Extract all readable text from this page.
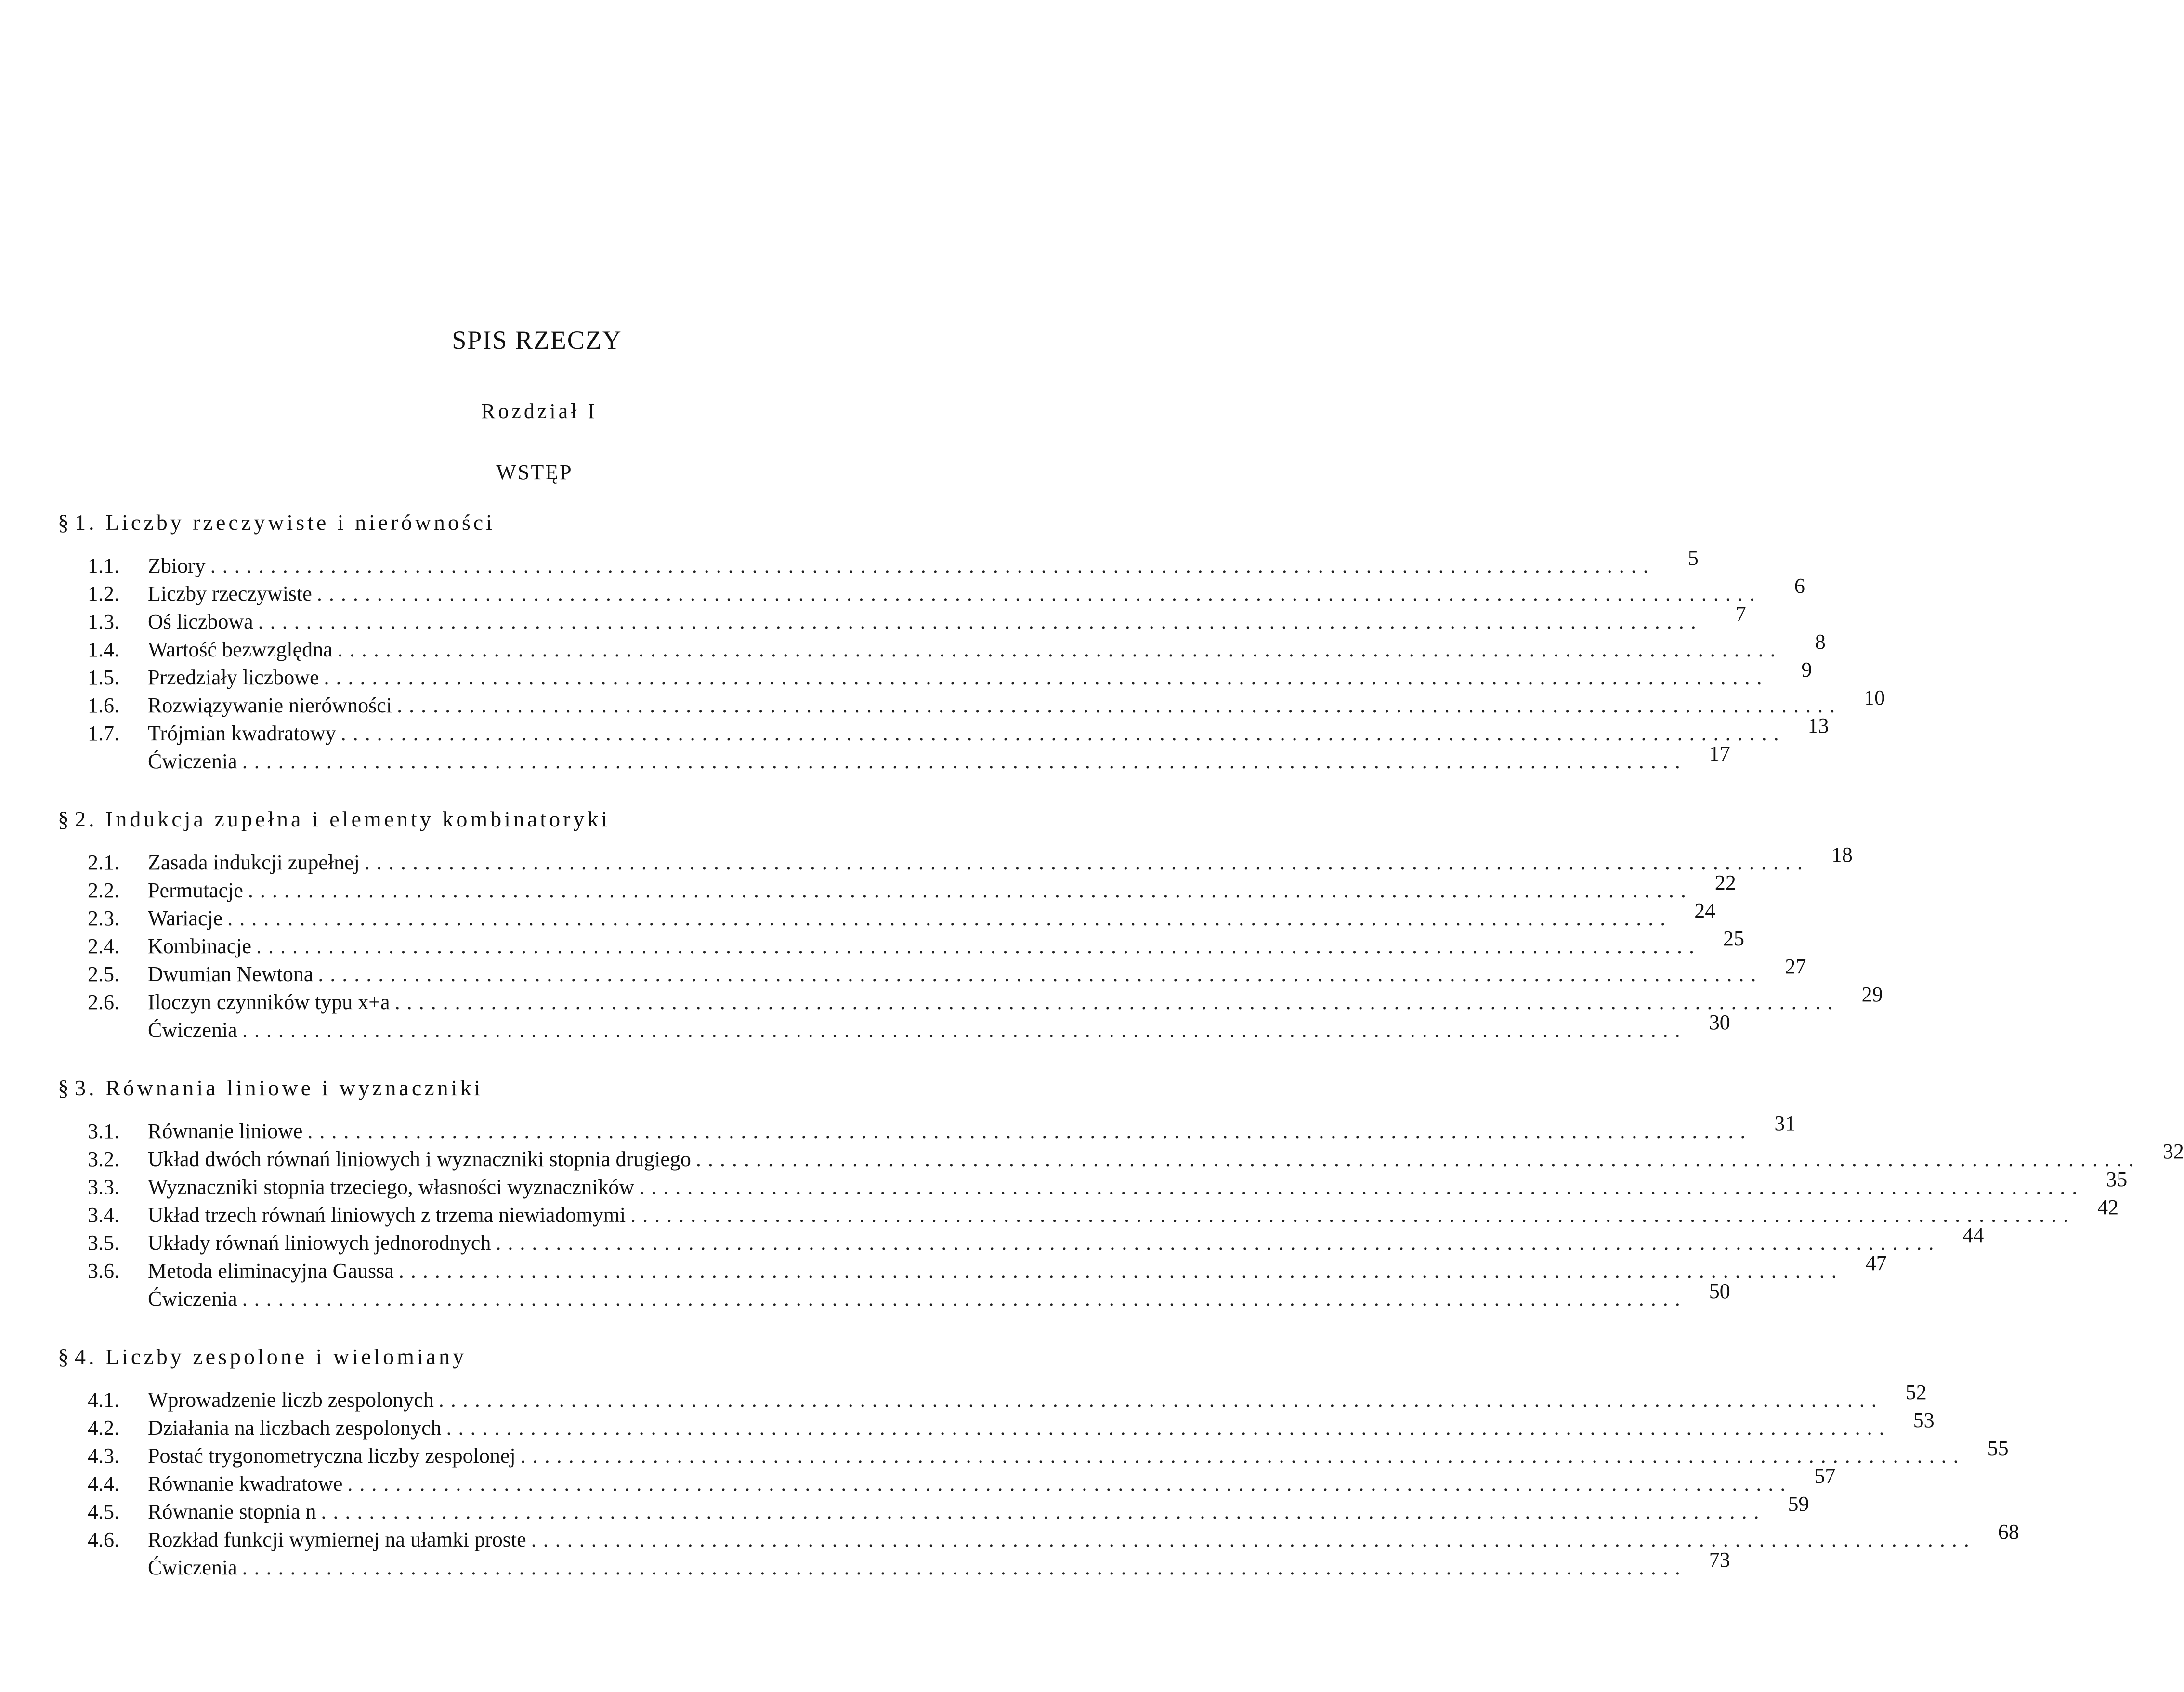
SPIS RZECZY
Rozdział I
WSTĘP
§ 1. Liczby rzeczywiste i nierówności
1.1.	Zbiory ........................................................................................................................	5
1.2.	Liczby rzeczywiste ........................................................................................................................	6
1.3.	Oś liczbowa ........................................................................................................................	7
1.4.	Wartość bezwzględna ........................................................................................................................	8
1.5.	Przedziały liczbowe ........................................................................................................................	9
1.6.	Rozwiązywanie nierówności ........................................................................................................................	10
1.7.	Trójmian kwadratowy ........................................................................................................................	13
Ćwiczenia ........................................................................................................................	17
§ 2. Indukcja zupełna i elementy kombinatoryki
2.1.	Zasada indukcji zupełnej ........................................................................................................................	18
2.2.	Permutacje ........................................................................................................................	22
2.3.	Wariacje ........................................................................................................................	24
2.4.	Kombinacje ........................................................................................................................	25
2.5.	Dwumian Newtona ........................................................................................................................	27
2.6.	Iloczyn czynników typu x+a ........................................................................................................................	29
Ćwiczenia ........................................................................................................................	30
§ 3. Równania liniowe i wyznaczniki
3.1.	Równanie liniowe ........................................................................................................................	31
3.2.	Układ dwóch równań liniowych i wyznaczniki stopnia drugiego ........................................................................................................................	32
3.3.	Wyznaczniki stopnia trzeciego, własności wyznaczników ........................................................................................................................	35
3.4.	Układ trzech równań liniowych z trzema niewiadomymi ........................................................................................................................	42
3.5.	Układy równań liniowych jednorodnych ........................................................................................................................	44
3.6.	Metoda eliminacyjna Gaussa ........................................................................................................................	47
Ćwiczenia ........................................................................................................................	50
§ 4. Liczby zespolone i wielomiany
4.1.	Wprowadzenie liczb zespolonych ........................................................................................................................	52
4.2.	Działania na liczbach zespolonych ........................................................................................................................	53
4.3.	Postać trygonometryczna liczby zespolonej ........................................................................................................................	55
4.4.	Równanie kwadratowe ........................................................................................................................	57
4.5.	Równanie stopnia n ........................................................................................................................	59
4.6.	Rozkład funkcji wymiernej na ułamki proste ........................................................................................................................	68
Ćwiczenia ........................................................................................................................	73
